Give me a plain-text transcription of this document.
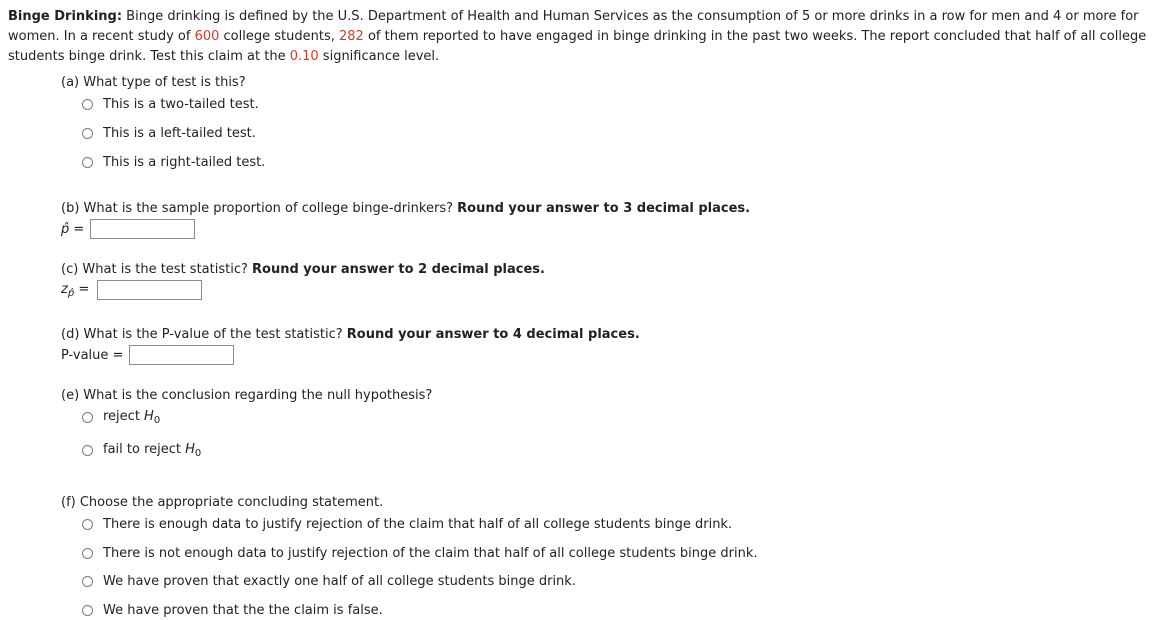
Binge Drinking: Binge drinking is defined by the U.S. Department of Health and Human Services as the consumption of 5 or more drinks in a row for men and 4 or more for women. In a recent study of 600 college students, 282 of them reported to have engaged in binge drinking in the past two weeks. The report concluded that half of all college students binge drink. Test this claim at the 0.10 significance level.
(a) What type of test is this?
This is a two-tailed test.
This is a left-tailed test.
This is a right-tailed test.
(b) What is the sample proportion of college binge-drinkers? Round your answer to 3 decimal places.
p̂ =
(c) What is the test statistic? Round your answer to 2 decimal places.
$z_{p̂}$ =
(d) What is the P-value of the test statistic? Round your answer to 4 decimal places.
P-value =
(e) What is the conclusion regarding the null hypothesis?
reject $H_0$
fail to reject $H_0$
(f) Choose the appropriate concluding statement.
There is enough data to justify rejection of the claim that half of all college students binge drink.
There is not enough data to justify rejection of the claim that half of all college students binge drink.
We have proven that exactly one half of all college students binge drink.
We have proven that the the claim is false.
